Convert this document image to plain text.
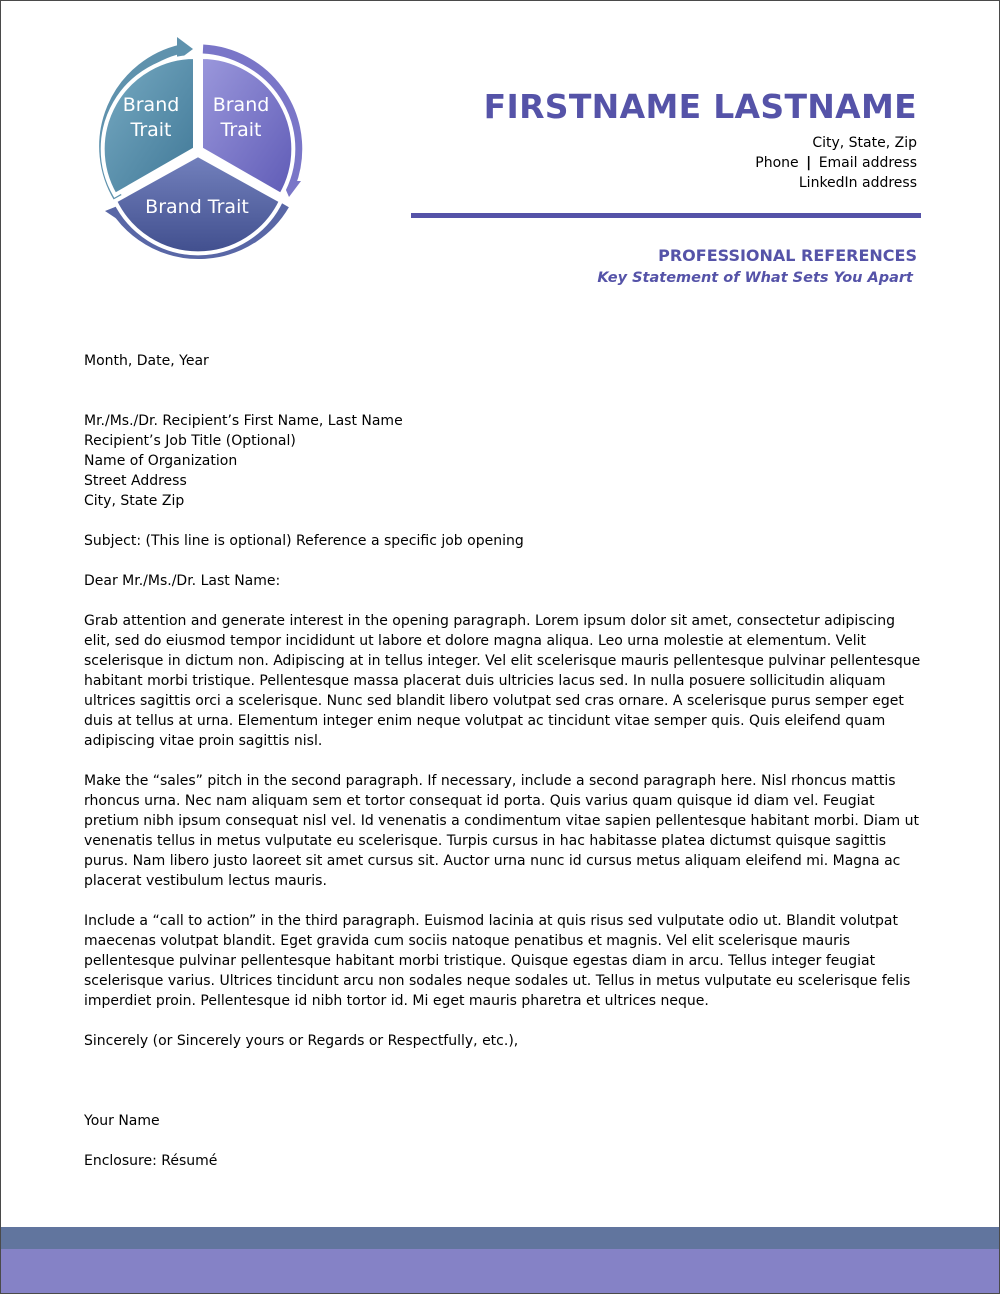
Brand
Trait
Brand
Trait
Brand Trait
FIRSTNAME LASTNAME
City, State, Zip
Phone | Email address
LinkedIn address
PROFESSIONAL REFERENCES
Key Statement of What Sets You Apart

Month, Date, Year

Mr./Ms./Dr. Recipient’s First Name, Last Name

Recipient’s Job Title (Optional)

Name of Organization

Street Address

City, State Zip

Subject: (This line is optional) Reference a specific job opening

Dear Mr./Ms./Dr. Last Name:

Grab attention and generate interest in the opening paragraph. Lorem ipsum dolor sit amet, consectetur adipiscing elit, sed do eiusmod tempor incididunt ut labore et dolore magna aliqua. Leo urna molestie at elementum. Velit scelerisque in dictum non. Adipiscing at in tellus integer. Vel elit scelerisque mauris pellentesque pulvinar pellentesque habitant morbi tristique. Pellentesque massa placerat duis ultricies lacus sed. In nulla posuere sollicitudin aliquam ultrices sagittis orci a scelerisque. Nunc sed blandit libero volutpat sed cras ornare. A scelerisque purus semper eget duis at tellus at urna. Elementum integer enim neque volutpat ac tincidunt vitae semper quis. Quis eleifend quam adipiscing vitae proin sagittis nisl.

Make the “sales” pitch in the second paragraph. If necessary, include a second paragraph here. Nisl rhoncus mattis rhoncus urna. Nec nam aliquam sem et tortor consequat id porta. Quis varius quam quisque id diam vel. Feugiat pretium nibh ipsum consequat nisl vel. Id venenatis a condimentum vitae sapien pellentesque habitant morbi. Diam ut venenatis tellus in metus vulputate eu scelerisque. Turpis cursus in hac habitasse platea dictumst quisque sagittis purus. Nam libero justo laoreet sit amet cursus sit. Auctor urna nunc id cursus metus aliquam eleifend mi. Magna ac placerat vestibulum lectus mauris.

Include a “call to action” in the third paragraph. Euismod lacinia at quis risus sed vulputate odio ut. Blandit volutpat maecenas volutpat blandit. Eget gravida cum sociis natoque penatibus et magnis. Vel elit scelerisque mauris pellentesque pulvinar pellentesque habitant morbi tristique. Quisque egestas diam in arcu. Tellus integer feugiat scelerisque varius. Ultrices tincidunt arcu non sodales neque sodales ut. Tellus in metus vulputate eu scelerisque felis imperdiet proin. Pellentesque id nibh tortor id. Mi eget mauris pharetra et ultrices neque.

Sincerely (or Sincerely yours or Regards or Respectfully, etc.),

Your Name

Enclosure: Résumé
